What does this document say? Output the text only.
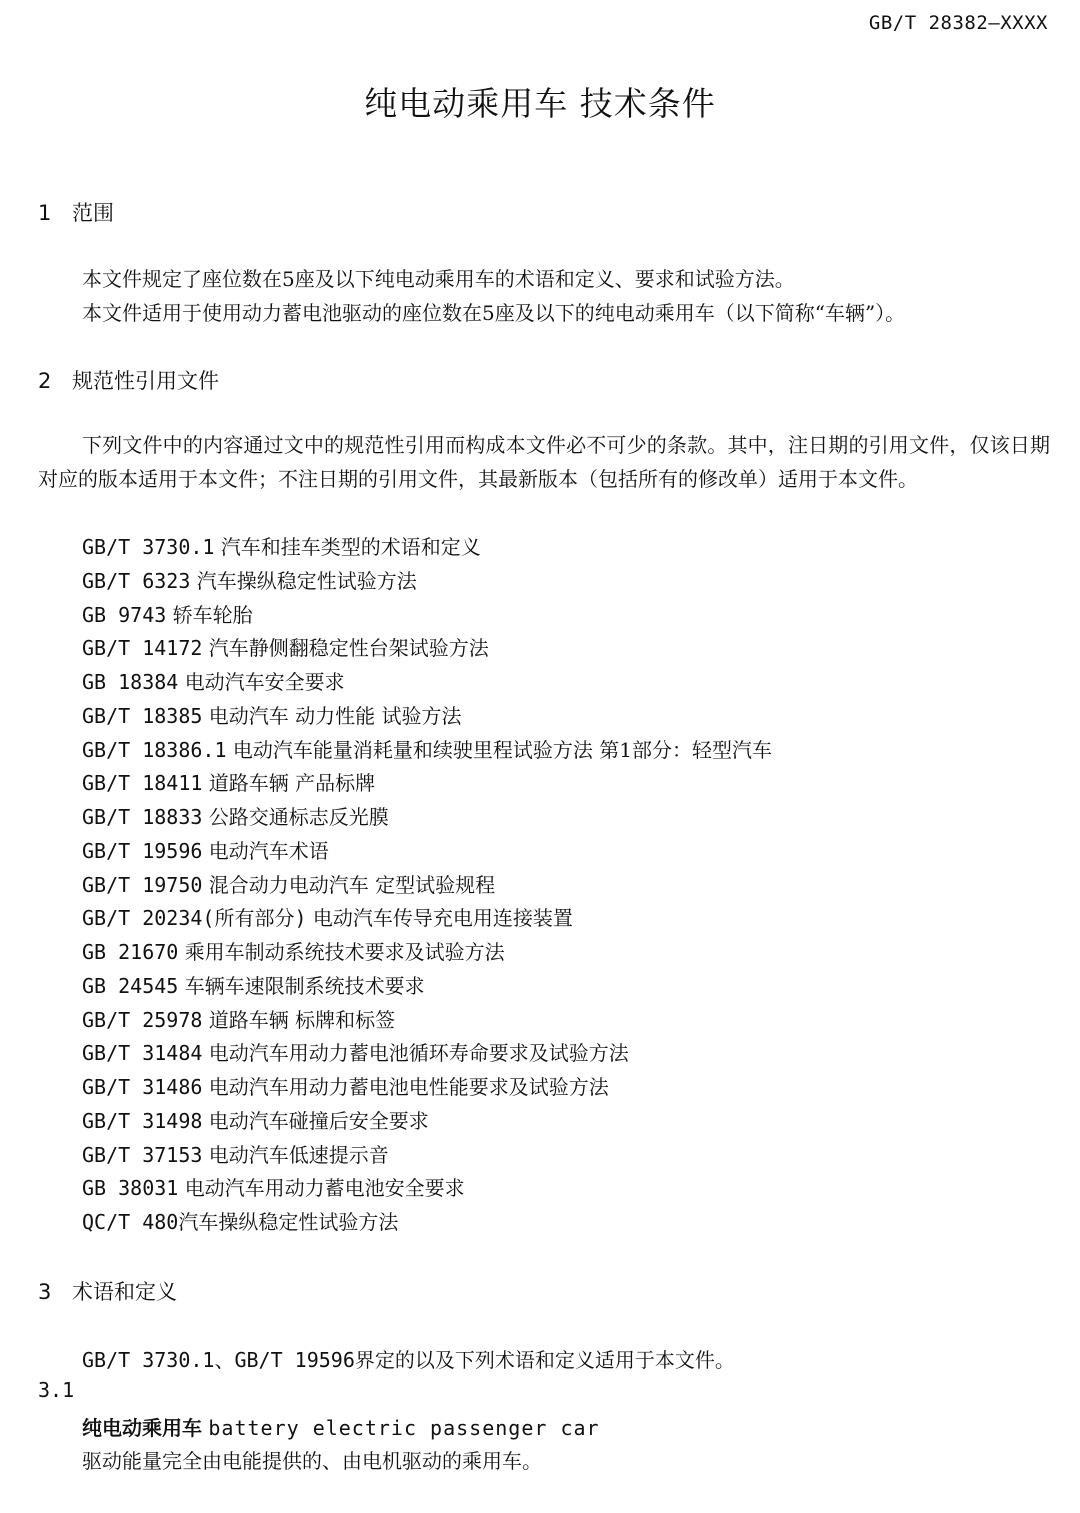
GB/T 28382—XXXX
纯电动乘用车 技术条件
1 范围
本文件规定了座位数在5座及以下纯电动乘用车的术语和定义、要求和试验方法。
本文件适用于使用动力蓄电池驱动的座位数在5座及以下的纯电动乘用车（以下简称“车辆”）。
2 规范性引用文件
下列文件中的内容通过文中的规范性引用而构成本文件必不可少的条款。其中，注日期的引用文件，仅该日期对应的版本适用于本文件；不注日期的引用文件，其最新版本（包括所有的修改单）适用于本文件。
GB/T 3730.1 汽车和挂车类型的术语和定义
GB/T 6323 汽车操纵稳定性试验方法
GB 9743 轿车轮胎
GB/T 14172 汽车静侧翻稳定性台架试验方法
GB 18384 电动汽车安全要求
GB/T 18385 电动汽车 动力性能 试验方法
GB/T 18386.1 电动汽车能量消耗量和续驶里程试验方法 第1部分：轻型汽车
GB/T 18411 道路车辆 产品标牌
GB/T 18833 公路交通标志反光膜
GB/T 19596 电动汽车术语
GB/T 19750 混合动力电动汽车 定型试验规程
GB/T 20234(所有部分) 电动汽车传导充电用连接装置
GB 21670 乘用车制动系统技术要求及试验方法
GB 24545 车辆车速限制系统技术要求
GB/T 25978 道路车辆 标牌和标签
GB/T 31484 电动汽车用动力蓄电池循环寿命要求及试验方法
GB/T 31486 电动汽车用动力蓄电池电性能要求及试验方法
GB/T 31498 电动汽车碰撞后安全要求
GB/T 37153 电动汽车低速提示音
GB 38031 电动汽车用动力蓄电池安全要求
QC/T 480汽车操纵稳定性试验方法
3 术语和定义
GB/T 3730.1、GB/T 19596界定的以及下列术语和定义适用于本文件。
3.1
纯电动乘用车 battery electric passenger car
驱动能量完全由电能提供的、由电机驱动的乘用车。
